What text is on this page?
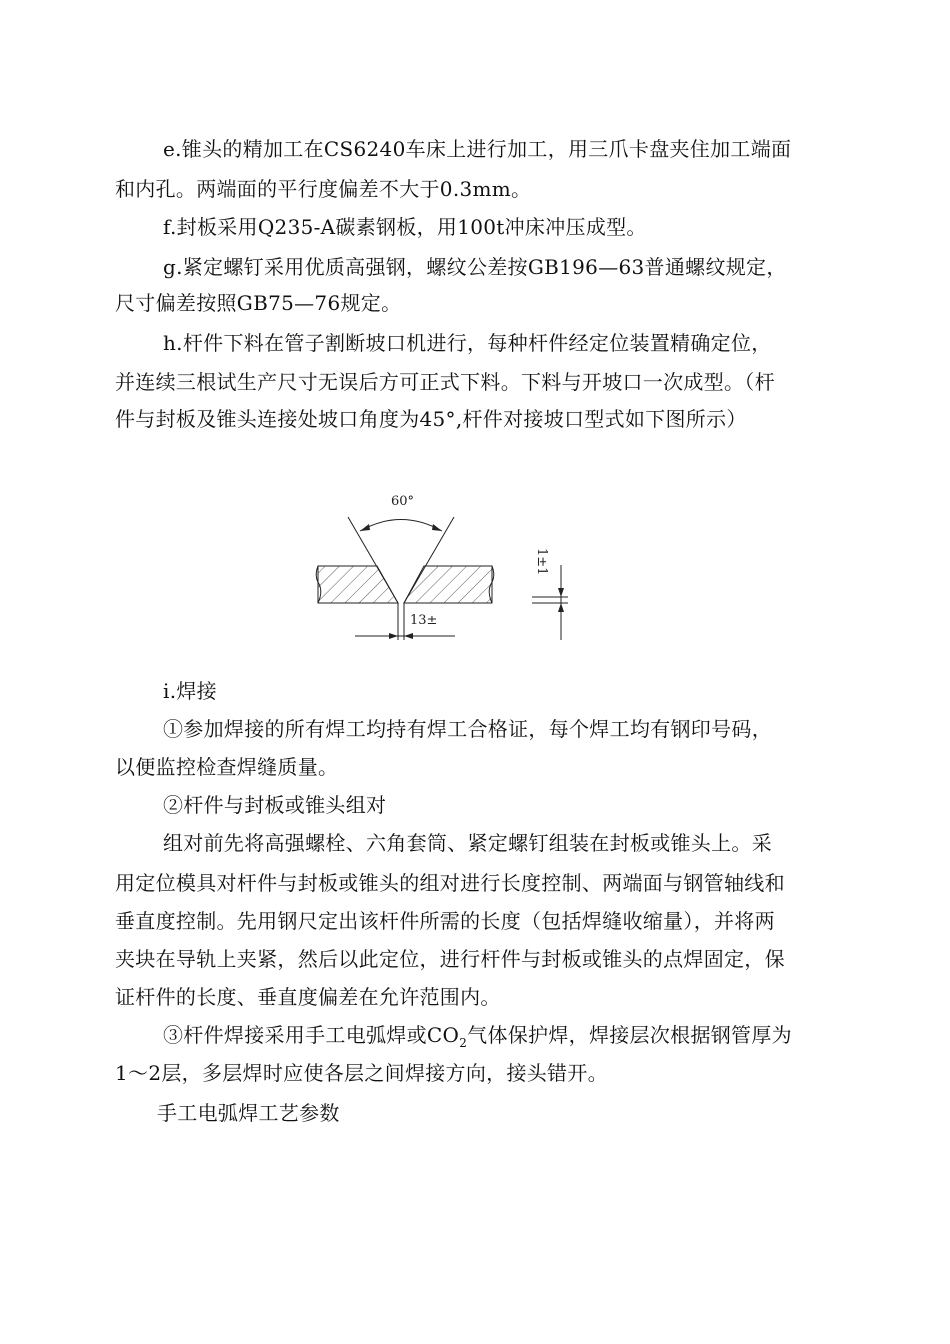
e.锥头的精加工在CS6240车床上进行加工，用三爪卡盘夹住加工端面
和内孔。两端面的平行度偏差不大于0.3mm。
f.封板采用Q235-A碳素钢板，用100t冲床冲压成型。
g.紧定螺钉采用优质高强钢，螺纹公差按GB196—63普通螺纹规定，
尺寸偏差按照GB75—76规定。
h.杆件下料在管子割断坡口机进行，每种杆件经定位装置精确定位，
并连续三根试生产尺寸无误后方可正式下料。下料与开坡口一次成型。（杆
件与封板及锥头连接处坡口角度为45°,杆件对接坡口型式如下图所示）
60°
13±
1±1
i.焊接
①参加焊接的所有焊工均持有焊工合格证，每个焊工均有钢印号码，
以便监控检查焊缝质量。
②杆件与封板或锥头组对
组对前先将高强螺栓、六角套筒、紧定螺钉组装在封板或锥头上。采
用定位模具对杆件与封板或锥头的组对进行长度控制、两端面与钢管轴线和
垂直度控制。先用钢尺定出该杆件所需的长度（包括焊缝收缩量），并将两
夹块在导轨上夹紧，然后以此定位，进行杆件与封板或锥头的点焊固定，保
证杆件的长度、垂直度偏差在允许范围内。
③杆件焊接采用手工电弧焊或$CO_2$气体保护焊，焊接层次根据钢管厚为
1～2层，多层焊时应使各层之间焊接方向，接头错开。
手工电弧焊工艺参数
